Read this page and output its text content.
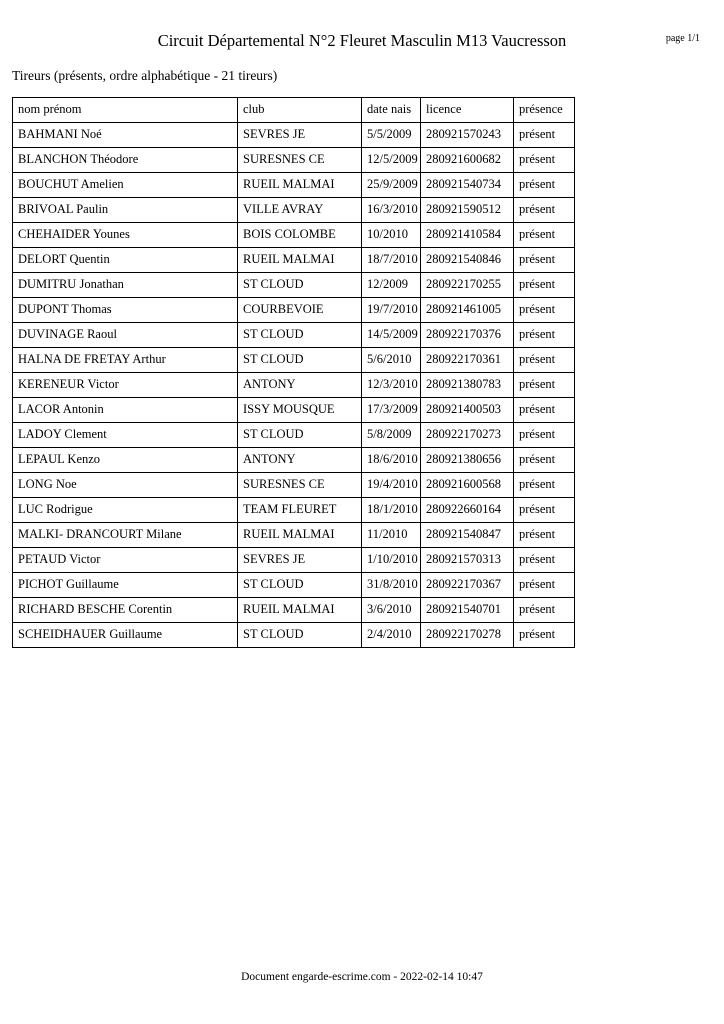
Circuit Départemental N°2 Fleuret Masculin M13 Vaucresson	page 1/1
Tireurs (présents, ordre alphabétique - 21 tireurs)
nom prénom	club	date nais	licence	présence
BAHMANI Noé	SEVRES JE	5/5/2009	280921570243	présent
BLANCHON Théodore	SURESNES CE	12/5/2009	280921600682	présent
BOUCHUT Amelien	RUEIL MALMAI	25/9/2009	280921540734	présent
BRIVOAL Paulin	VILLE AVRAY	16/3/2010	280921590512	présent
CHEHAIDER Younes	BOIS COLOMBE	10/2010	280921410584	présent
DELORT Quentin	RUEIL MALMAI	18/7/2010	280921540846	présent
DUMITRU Jonathan	ST CLOUD	12/2009	280922170255	présent
DUPONT Thomas	COURBEVOIE	19/7/2010	280921461005	présent
DUVINAGE Raoul	ST CLOUD	14/5/2009	280922170376	présent
HALNA DE FRETAY Arthur	ST CLOUD	5/6/2010	280922170361	présent
KERENEUR Victor	ANTONY	12/3/2010	280921380783	présent
LACOR Antonin	ISSY MOUSQUE	17/3/2009	280921400503	présent
LADOY Clement	ST CLOUD	5/8/2009	280922170273	présent
LEPAUL Kenzo	ANTONY	18/6/2010	280921380656	présent
LONG Noe	SURESNES CE	19/4/2010	280921600568	présent
LUC Rodrigue	TEAM FLEURET	18/1/2010	280922660164	présent
MALKI- DRANCOURT Milane	RUEIL MALMAI	11/2010	280921540847	présent
PETAUD Victor	SEVRES JE	1/10/2010	280921570313	présent
PICHOT Guillaume	ST CLOUD	31/8/2010	280922170367	présent
RICHARD BESCHE Corentin	RUEIL MALMAI	3/6/2010	280921540701	présent
SCHEIDHAUER Guillaume	ST CLOUD	2/4/2010	280922170278	présent
Document engarde-escrime.com - 2022-02-14 10:47
